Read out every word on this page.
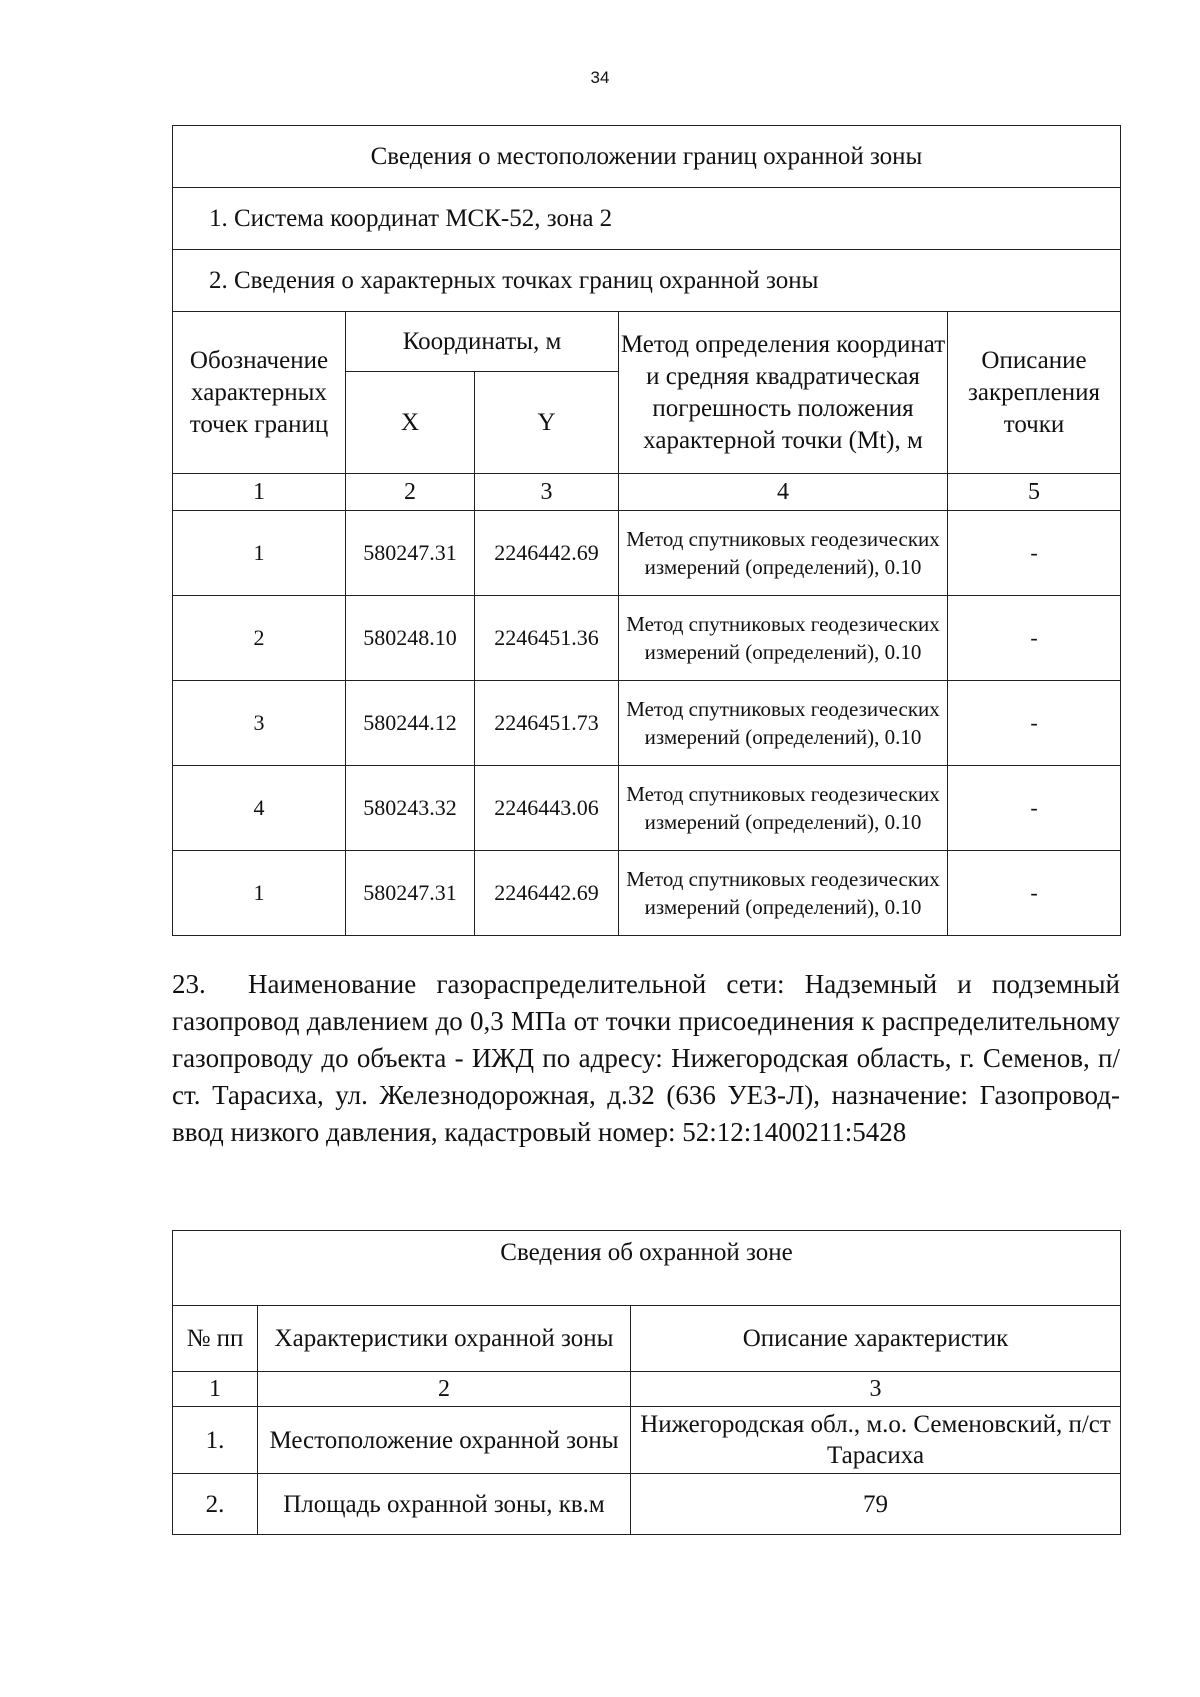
34
Сведения о местоположении границ охранной зоны				
1. Система координат МСК-52, зона 2				
2. Сведения о характерных точках границ охранной зоны				
Обозначение характерных точек границ	Координаты, м		Метод определения координат и средняя квадратическая погрешность положения характерной точки (Mt), м	Описание закрепления точки
	X	Y		
1	2	3	4	5
1	580247.31	2246442.69	Метод спутниковых геодезических измерений (определений), 0.10	-
2	580248.10	2246451.36	Метод спутниковых геодезических измерений (определений), 0.10	-
3	580244.12	2246451.73	Метод спутниковых геодезических измерений (определений), 0.10	-
4	580243.32	2246443.06	Метод спутниковых геодезических измерений (определений), 0.10	-
1	580247.31	2246442.69	Метод спутниковых геодезических измерений (определений), 0.10	-

23. Наименование газораспределительной сети: Надземный и подземный газопровод давлением до 0,3 МПа от точки присоединения к распределительному газопроводу до объекта - ИЖД по адресу: Нижегородская область, г. Семенов, п/ст. Тарасиха, ул. Железнодорожная, д.32 (636 УЕЗ-Л), назначение: Газопровод-ввод низкого давления, кадастровый номер: 52:12:1400211:5428

Сведения об охранной зоне		
№ пп	Характеристики охранной зоны	Описание характеристик
1	2	3
1.	Местоположение охранной зоны	Нижегородская обл., м.о. Семеновский, п/ст Тарасиха
2.	Площадь охранной зоны, кв.м	79
